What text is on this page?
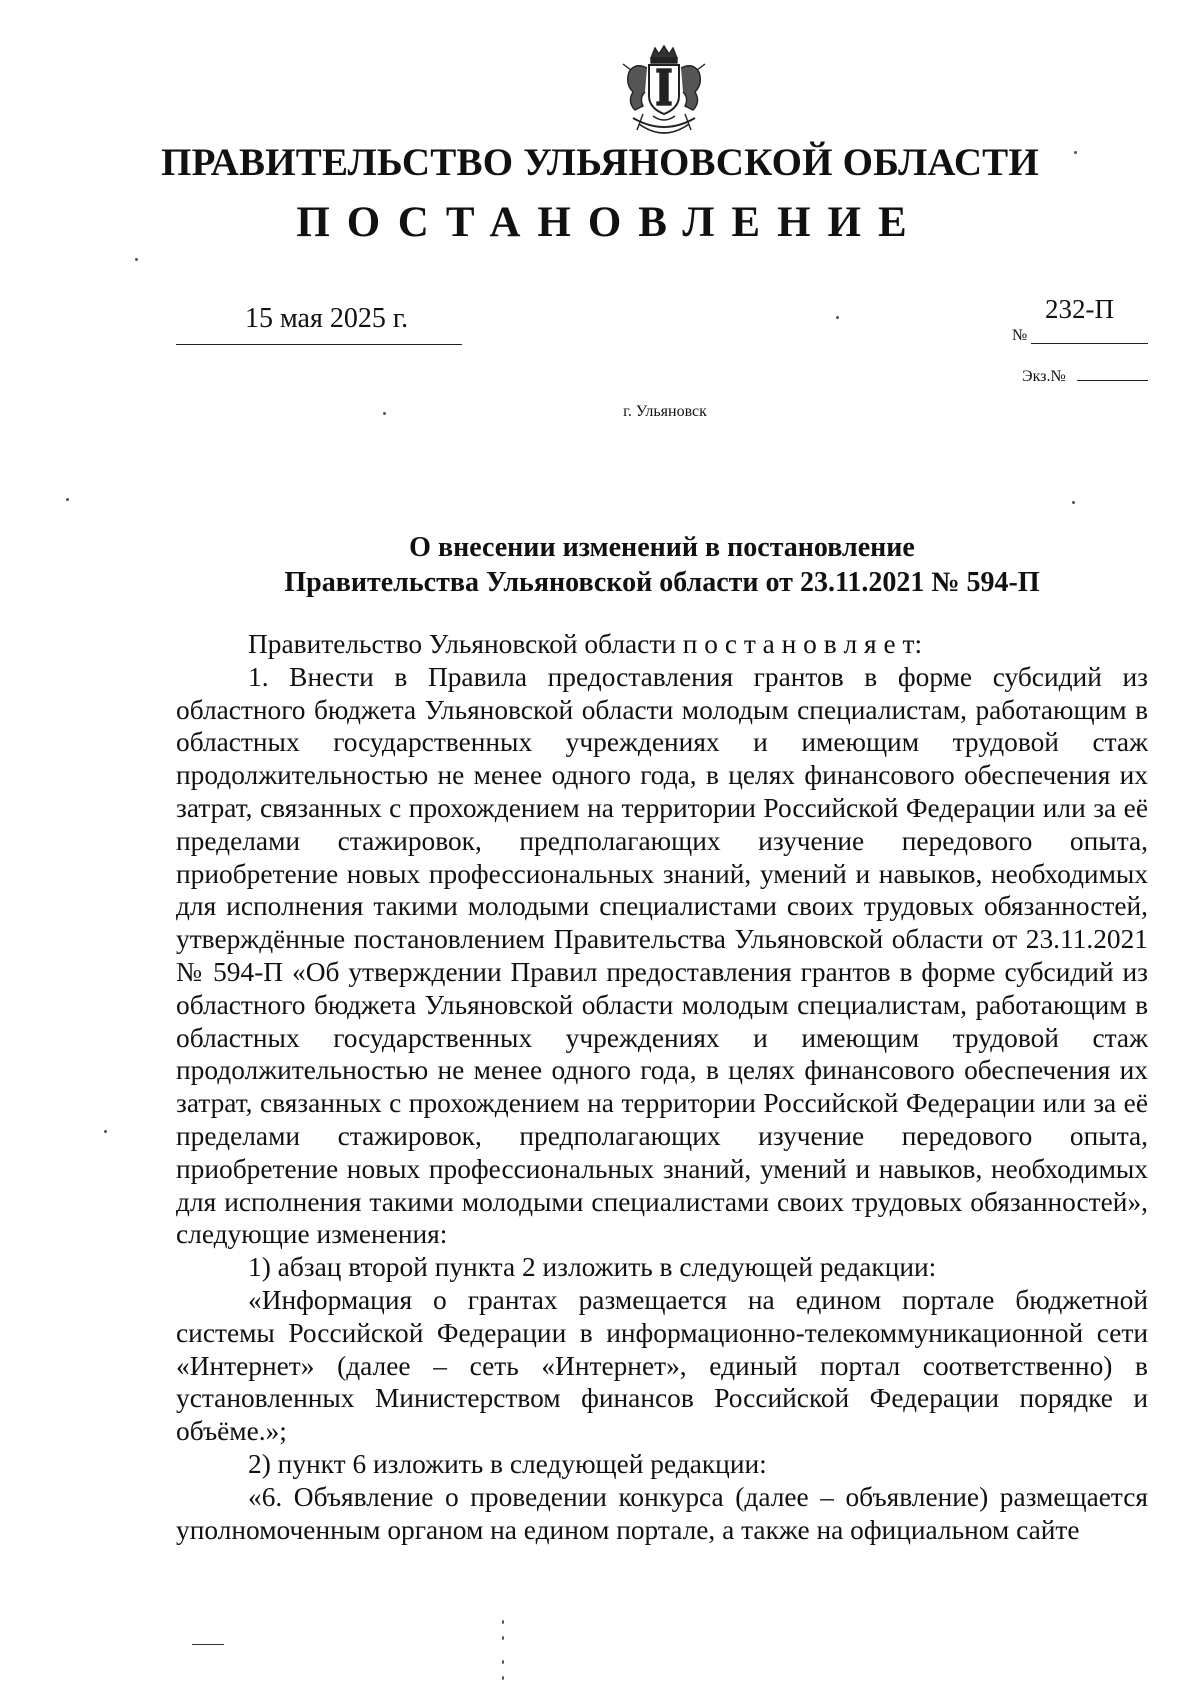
ПРАВИТЕЛЬСТВО УЛЬЯНОВСКОЙ ОБЛАСТИ
ПОСТАНОВЛЕНИЕ
15 мая 2025 г.
№
232-П
Экз.№
г. Ульяновск
О внесении изменений в постановление
Правительства Ульяновской области от 23.11.2021 № 594-П

Правительство Ульяновской области п о с т а н о в л я е т:

1. Внести в Правила предоставления грантов в форме субсидий из областного бюджета Ульяновской области молодым специалистам, работающим в областных государственных учреждениях и имеющим трудовой стаж продолжительностью не менее одного года, в целях финансового обеспечения их затрат, связанных с прохождением на территории Российской Федерации или за её пределами стажировок, предполагающих изучение передового опыта, приобретение новых профессиональных знаний, умений и навыков, необходимых для исполнения такими молодыми специалистами своих трудовых обязанностей, утверждённые постановлением Правительства Ульяновской области от 23.11.2021 № 594-П «Об утверждении Правил предоставления грантов в форме субсидий из областного бюджета Ульяновской области молодым специалистам, работающим в областных государственных учреждениях и имеющим трудовой стаж продолжительностью не менее одного года, в целях финансового обеспечения их затрат, связанных с прохождением на территории Российской Федерации или за её пределами стажировок, предполагающих изучение передового опыта, приобретение новых профессиональных знаний, умений и навыков, необходимых для исполнения такими молодыми специалистами своих трудовых обязанностей», следующие изменения:

1) абзац второй пункта 2 изложить в следующей редакции:

«Информация о грантах размещается на едином портале бюджетной системы Российской Федерации в информационно-телекоммуникационной сети «Интернет» (далее – сеть «Интернет», единый портал соответственно) в установленных Министерством финансов Российской Федерации порядке и объёме.»;

2) пункт 6 изложить в следующей редакции:

«6. Объявление о проведении конкурса (далее – объявление) размещается уполномоченным органом на едином портале, а также на официальном сайте
